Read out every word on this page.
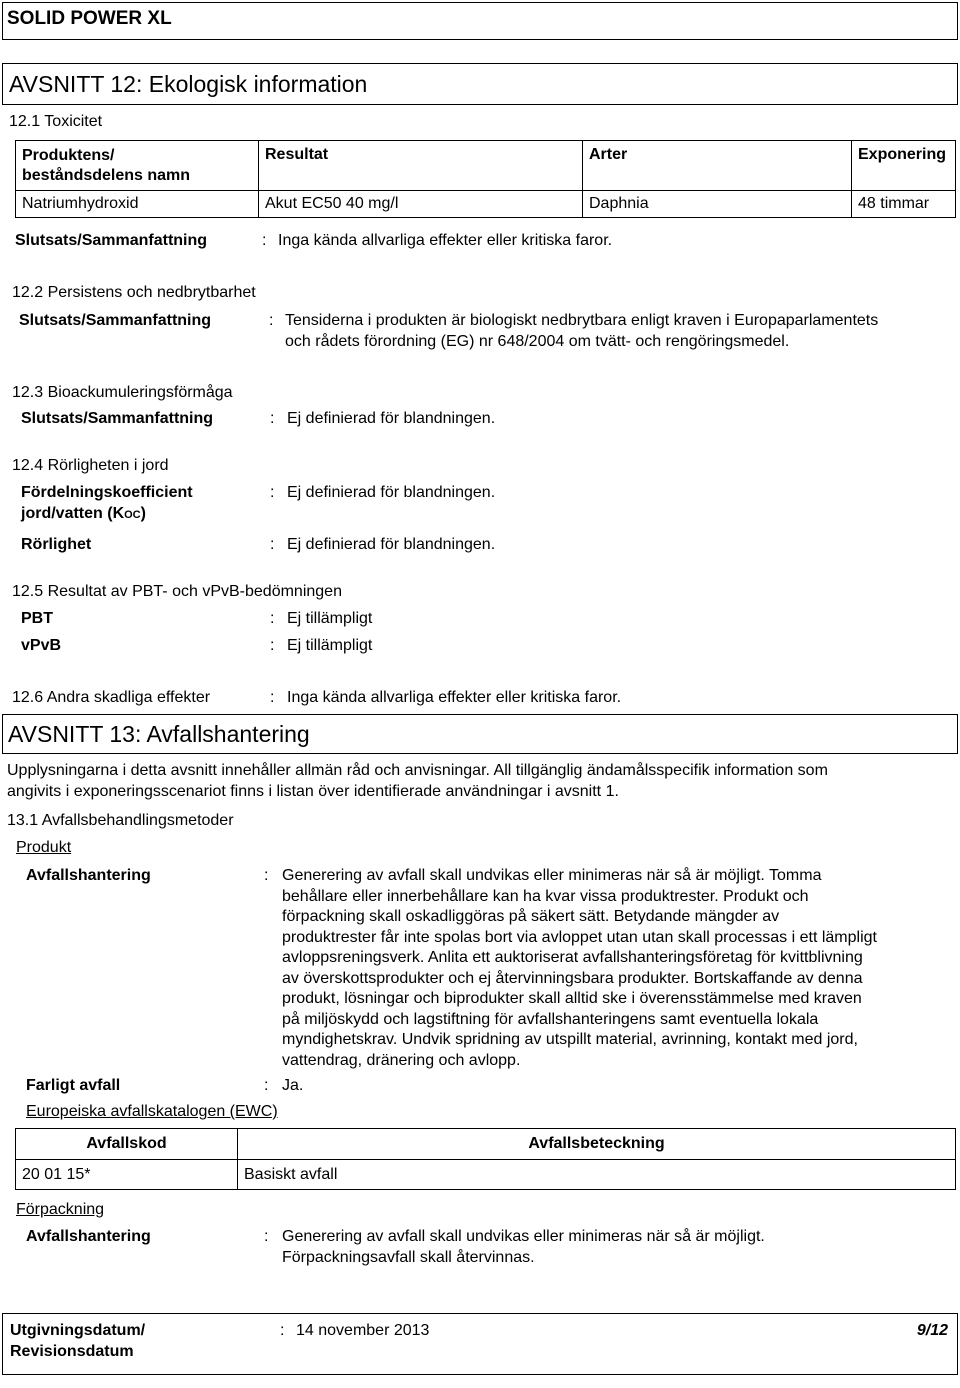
SOLID POWER XL
AVSNITT 12: Ekologisk information
12.1 Toxicitet
Produktens/
beståndsdelens namn	Resultat	Arter	Exponering
Natriumhydroxid	Akut EC50 40 mg/l	Daphnia	48 timmar
Slutsats/Sammanfattning	: Inga kända allvarliga effekter eller kritiska faror.
12.2 Persistens och nedbrytbarhet
Slutsats/Sammanfattning	: Tensiderna i produkten är biologiskt nedbrytbara enligt kraven i Europaparlamentets
och rådets förordning (EG) nr 648/2004 om tvätt- och rengöringsmedel.
12.3 Bioackumuleringsförmåga
Slutsats/Sammanfattning	: Ej definierad för blandningen.
12.4 Rörligheten i jord
Fördelningskoefficient
jord/vatten (KOC)
: Ej definierad för blandningen.
Rörlighet	: Ej definierad för blandningen.
12.5 Resultat av PBT- och vPvB-bedömningen
PBT	: Ej tillämpligt
vPvB	: Ej tillämpligt
12.6 Andra skadliga effekter	: Inga kända allvarliga effekter eller kritiska faror.
AVSNITT 13: Avfallshantering
Upplysningarna i detta avsnitt innehåller allmän råd och anvisningar. All tillgänglig ändamålsspecifik information som
angivits i exponeringsscenariot finns i listan över identifierade användningar i avsnitt 1.
13.1 Avfallsbehandlingsmetoder
Produkt
Avfallshantering	: Generering av avfall skall undvikas eller minimeras när så är möjligt. Tomma
behållare eller innerbehållare kan ha kvar vissa produktrester. Produkt och
förpackning skall oskadliggöras på säkert sätt. Betydande mängder av
produktrester får inte spolas bort via avloppet utan utan skall processas i ett lämpligt
avloppsreningsverk. Anlita ett auktoriserat avfallshanteringsföretag för kvittblivning
av överskottsprodukter och ej återvinningsbara produkter. Bortskaffande av denna
produkt, lösningar och biprodukter skall alltid ske i överensstämmelse med kraven
på miljöskydd och lagstiftning för avfallshanteringens samt eventuella lokala
myndighetskrav. Undvik spridning av utspillt material, avrinning, kontakt med jord,
vattendrag, dränering och avlopp.
Farligt avfall	: Ja.
Europeiska avfallskatalogen (EWC)
Avfallskod	Avfallsbeteckning
20 01 15*	Basiskt avfall
Förpackning
Avfallshantering	: Generering av avfall skall undvikas eller minimeras när så är möjligt.
Förpackningsavfall skall återvinnas.
Utgivningsdatum/
Revisionsdatum
: 14 november 2013	9/12
